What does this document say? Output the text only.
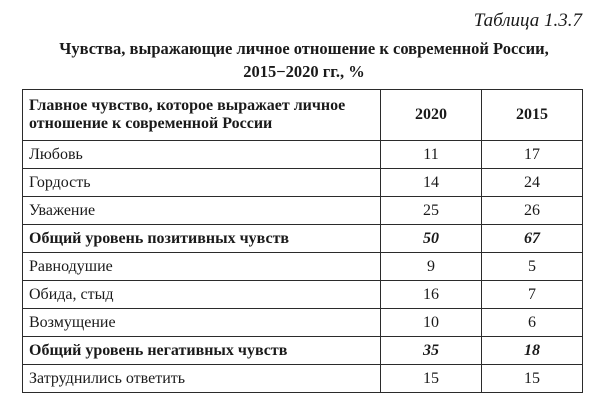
Таблица 1.3.7
Чувства, выражающие личное отношение к современной России,
2015−2020 гг., %
Главное чувство, которое выражает личное отношение к современной России	2020	2015
Любовь	11	17
Гордость	14	24
Уважение	25	26
Общий уровень позитивных чувств	50	67
Равнодушие	9	5
Обида, стыд	16	7
Возмущение	10	6
Общий уровень негативных чувств	35	18
Затруднились ответить	15	15
